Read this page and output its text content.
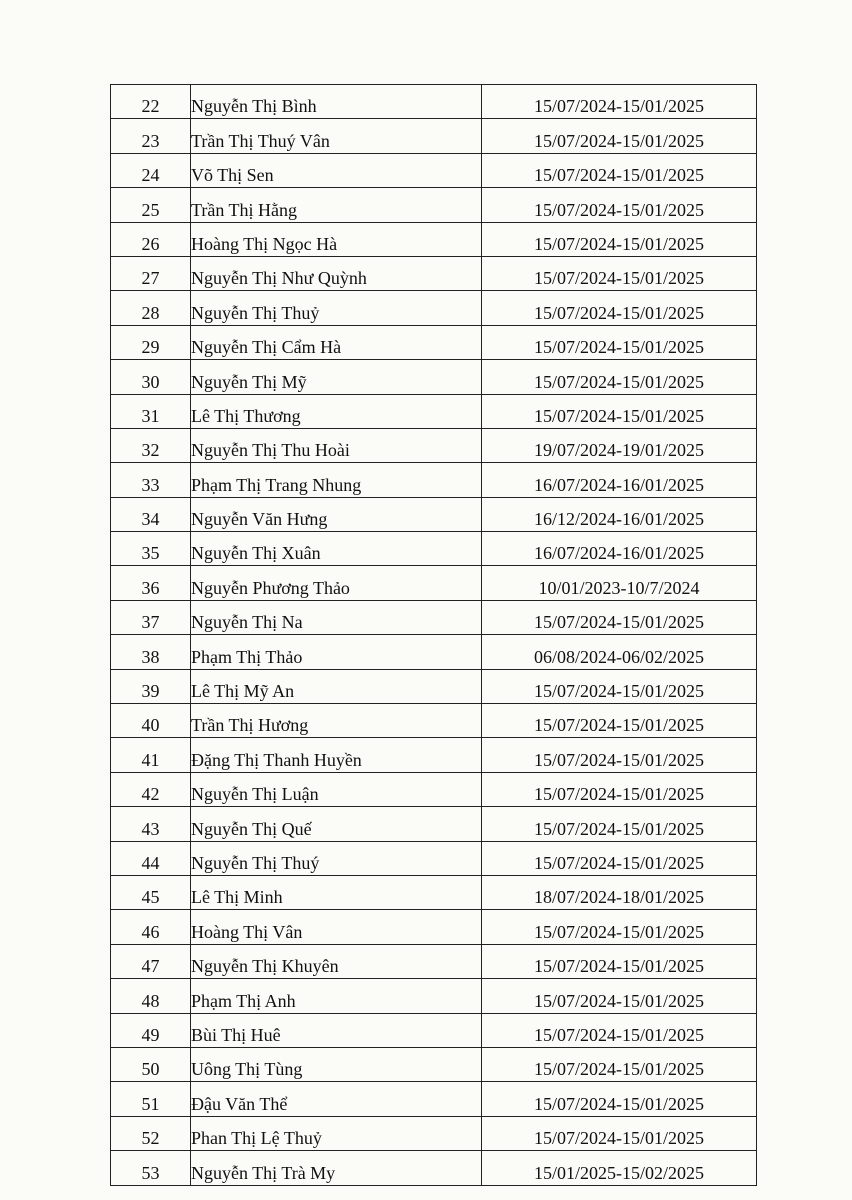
22	Nguyễn Thị Bình	15/07/2024-15/01/2025
23	Trần Thị Thuý Vân	15/07/2024-15/01/2025
24	Võ Thị Sen	15/07/2024-15/01/2025
25	Trần Thị Hằng	15/07/2024-15/01/2025
26	Hoàng Thị Ngọc Hà	15/07/2024-15/01/2025
27	Nguyễn Thị Như Quỳnh	15/07/2024-15/01/2025
28	Nguyễn Thị Thuỷ	15/07/2024-15/01/2025
29	Nguyễn Thị Cẩm Hà	15/07/2024-15/01/2025
30	Nguyễn Thị Mỹ	15/07/2024-15/01/2025
31	Lê Thị Thương	15/07/2024-15/01/2025
32	Nguyễn Thị Thu Hoài	19/07/2024-19/01/2025
33	Phạm Thị Trang Nhung	16/07/2024-16/01/2025
34	Nguyễn Văn Hưng	16/12/2024-16/01/2025
35	Nguyễn Thị Xuân	16/07/2024-16/01/2025
36	Nguyễn Phương Thảo	10/01/2023-10/7/2024
37	Nguyễn Thị Na	15/07/2024-15/01/2025
38	Phạm Thị Thảo	06/08/2024-06/02/2025
39	Lê Thị Mỹ An	15/07/2024-15/01/2025
40	Trần Thị Hương	15/07/2024-15/01/2025
41	Đặng Thị Thanh Huyền	15/07/2024-15/01/2025
42	Nguyễn Thị Luận	15/07/2024-15/01/2025
43	Nguyễn Thị Quế	15/07/2024-15/01/2025
44	Nguyễn Thị Thuý	15/07/2024-15/01/2025
45	Lê Thị Minh	18/07/2024-18/01/2025
46	Hoàng Thị Vân	15/07/2024-15/01/2025
47	Nguyễn Thị Khuyên	15/07/2024-15/01/2025
48	Phạm Thị Anh	15/07/2024-15/01/2025
49	Bùi Thị Huê	15/07/2024-15/01/2025
50	Uông Thị Tùng	15/07/2024-15/01/2025
51	Đậu Văn Thể	15/07/2024-15/01/2025
52	Phan Thị Lệ Thuỷ	15/07/2024-15/01/2025
53	Nguyễn Thị Trà My	15/01/2025-15/02/2025
